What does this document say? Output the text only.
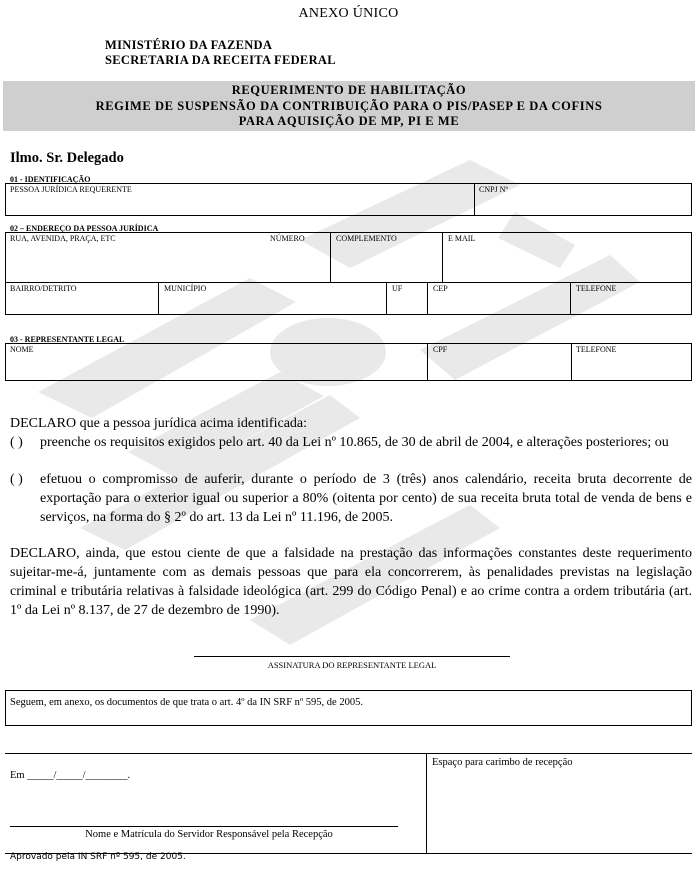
ANEXO ÚNICO
MINISTÉRIO DA FAZENDA
SECRETARIA DA RECEITA FEDERAL
REQUERIMENTO DE HABILITAÇÃO
REGIME DE SUSPENSÃO DA CONTRIBUIÇÃO PARA O PIS/PASEP E DA COFINS
PARA AQUISIÇÃO DE MP, PI E ME
Ilmo. Sr. Delegado
01 - IDENTIFICAÇÃO
PESSOA JURÍDICA REQUERENTE	CNPJ Nº
02 – ENDEREÇO DA PESSOA JURÍDICA
RUA, AVENIDA, PRAÇA, ETC	NÚMERO	COMPLEMENTO	E MAIL
BAIRRO/DETRITO	MUNICÍPIO	UF	CEP	TELEFONE
03 - REPRESENTANTE LEGAL
NOME	CPF	TELEFONE
DECLARO que a pessoa jurídica acima identificada:
( ) preenche os requisitos exigidos pelo art. 40 da Lei nº 10.865, de 30 de abril de 2004, e alterações posteriores; ou
( ) efetuou o compromisso de auferir, durante o período de 3 (três) anos calendário, receita bruta decorrente de exportação para o exterior igual ou superior a 80% (oitenta por cento) de sua receita bruta total de venda de bens e serviços, na forma do § 2º do art. 13 da Lei nº 11.196, de 2005.
DECLARO, ainda, que estou ciente de que a falsidade na prestação das informações constantes deste requerimento sujeitar-me-á, juntamente com as demais pessoas que para ela concorrerem, às penalidades previstas na legislação criminal e tributária relativas à falsidade ideológica (art. 299 do Código Penal) e ao crime contra a ordem tributária (art. 1º da Lei nº 8.137, de 27 de dezembro de 1990).
ASSINATURA DO REPRESENTANTE LEGAL
Seguem, em anexo, os documentos de que trata o art. 4º da IN SRF nº 595, de 2005.
Em _____/_____/________.
Nome e Matrícula do Servidor Responsável pela Recepção
Espaço para carimbo de recepção
Aprovado pela IN SRF nº 595, de 2005.
